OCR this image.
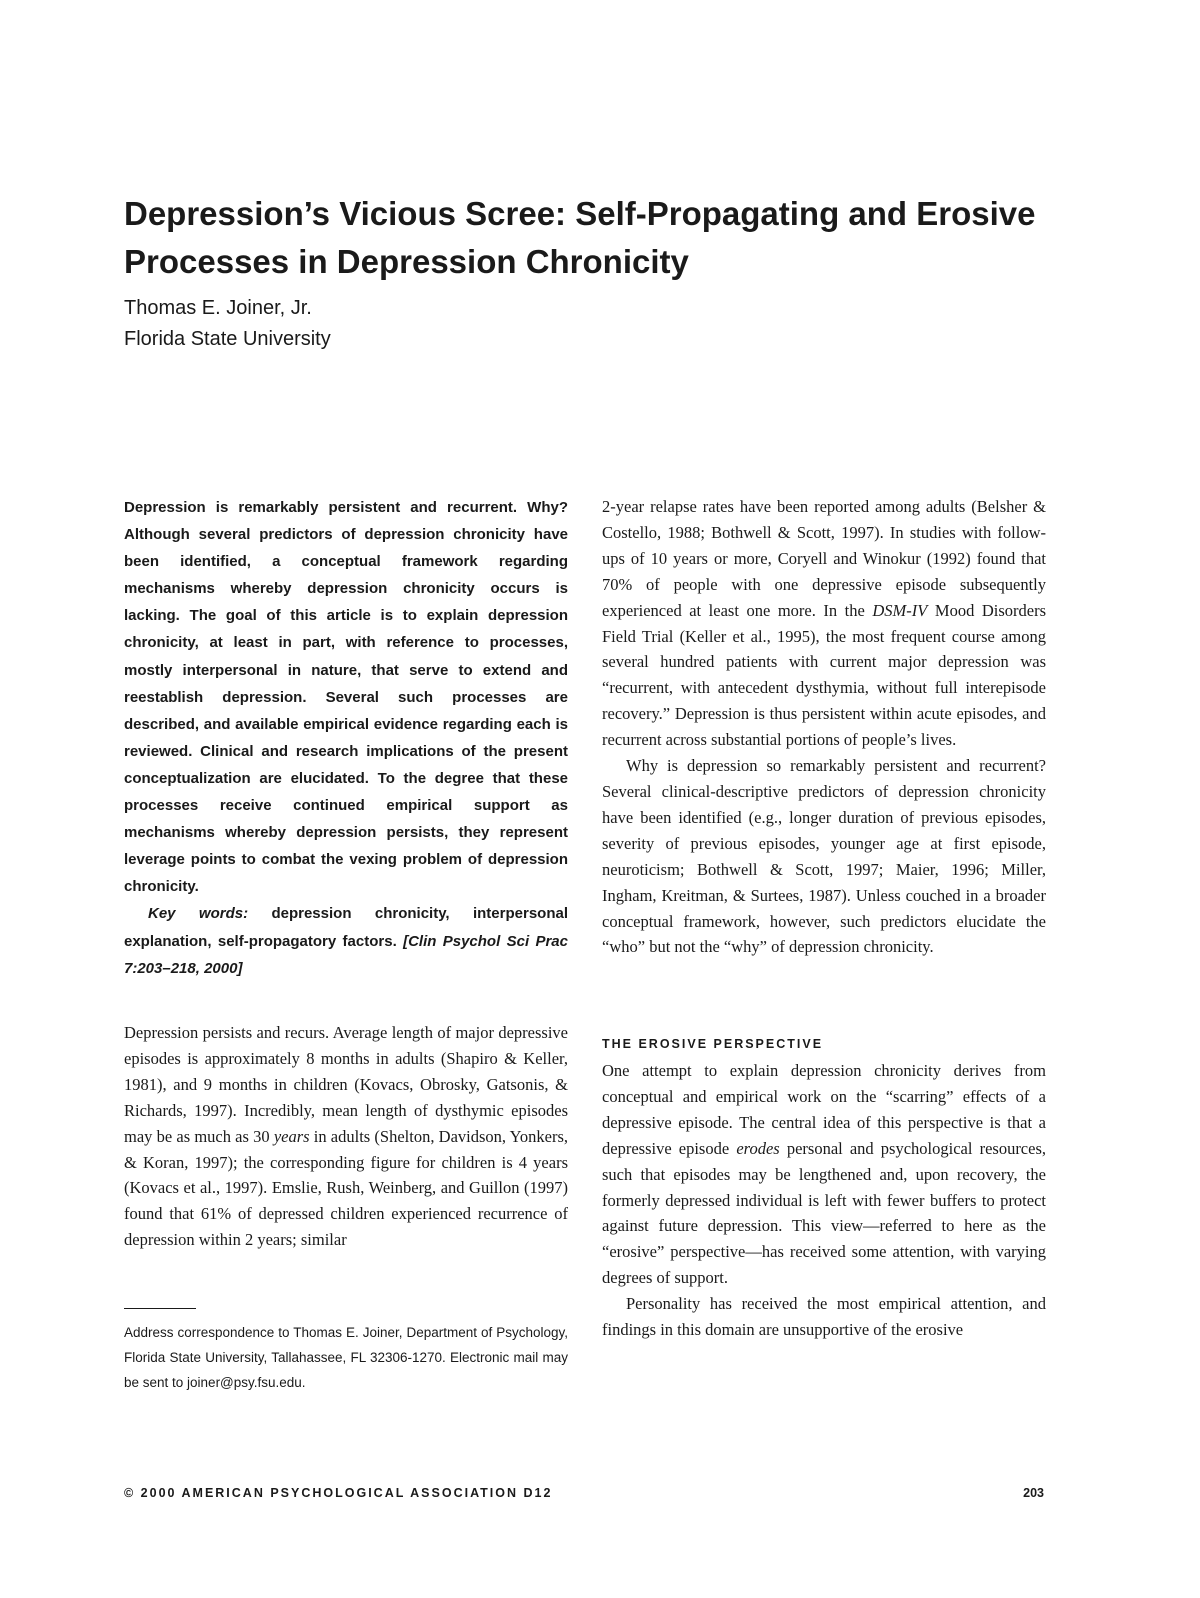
Depression’s Vicious Scree: Self-Propagating and Erosive
Processes in Depression Chronicity

Thomas E. Joiner, Jr.

Florida State University

Depression is remarkably persistent and recurrent. Why? Although several predictors of depression chronicity have been identified, a conceptual framework regarding mechanisms whereby depression chronicity occurs is lacking. The goal of this article is to explain depression chronicity, at least in part, with reference to processes, mostly interpersonal in nature, that serve to extend and reestablish depression. Several such processes are described, and available empirical evidence regarding each is reviewed. Clinical and research implications of the present conceptualization are elucidated. To the degree that these processes receive continued empirical support as mechanisms whereby depression persists, they represent leverage points to combat the vexing problem of depression chronicity.

Key words: depression chronicity, interpersonal explanation, self-propagatory factors. [Clin Psychol Sci Prac 7:203–218, 2000]

Depression persists and recurs. Average length of major depressive episodes is approximately 8 months in adults (Shapiro & Keller, 1981), and 9 months in children (Kovacs, Obrosky, Gatsonis, & Richards, 1997). Incredibly, mean length of dysthymic episodes may be as much as 30 years in adults (Shelton, Davidson, Yonkers, & Koran, 1997); the corresponding figure for children is 4 years (Kovacs et al., 1997). Emslie, Rush, Weinberg, and Guillon (1997) found that 61% of depressed children experienced recurrence of depression within 2 years; similar

Address correspondence to Thomas E. Joiner, Department of Psychology, Florida State University, Tallahassee, FL 32306-1270. Electronic mail may be sent to joiner@psy.fsu.edu.

2-year relapse rates have been reported among adults (Belsher & Costello, 1988; Bothwell & Scott, 1997). In studies with follow-ups of 10 years or more, Coryell and Winokur (1992) found that 70% of people with one depressive episode subsequently experienced at least one more. In the DSM-IV Mood Disorders Field Trial (Keller et al., 1995), the most frequent course among several hundred patients with current major depression was “recurrent, with antecedent dysthymia, without full interepisode recovery.” Depression is thus persistent within acute episodes, and recurrent across substantial portions of people’s lives.

Why is depression so remarkably persistent and recurrent? Several clinical-descriptive predictors of depression chronicity have been identified (e.g., longer duration of previous episodes, severity of previous episodes, younger age at first episode, neuroticism; Bothwell & Scott, 1997; Maier, 1996; Miller, Ingham, Kreitman, & Surtees, 1987). Unless couched in a broader conceptual framework, however, such predictors elucidate the “who” but not the “why” of depression chronicity.

THE EROSIVE PERSPECTIVE

One attempt to explain depression chronicity derives from conceptual and empirical work on the “scarring” effects of a depressive episode. The central idea of this perspective is that a depressive episode erodes personal and psychological resources, such that episodes may be lengthened and, upon recovery, the formerly depressed individual is left with fewer buffers to protect against future depression. This view—referred to here as the “erosive” perspective—has received some attention, with varying degrees of support.

Personality has received the most empirical attention, and findings in this domain are unsupportive of the erosive

© 2000 AMERICAN PSYCHOLOGICAL ASSOCIATION D12	203
